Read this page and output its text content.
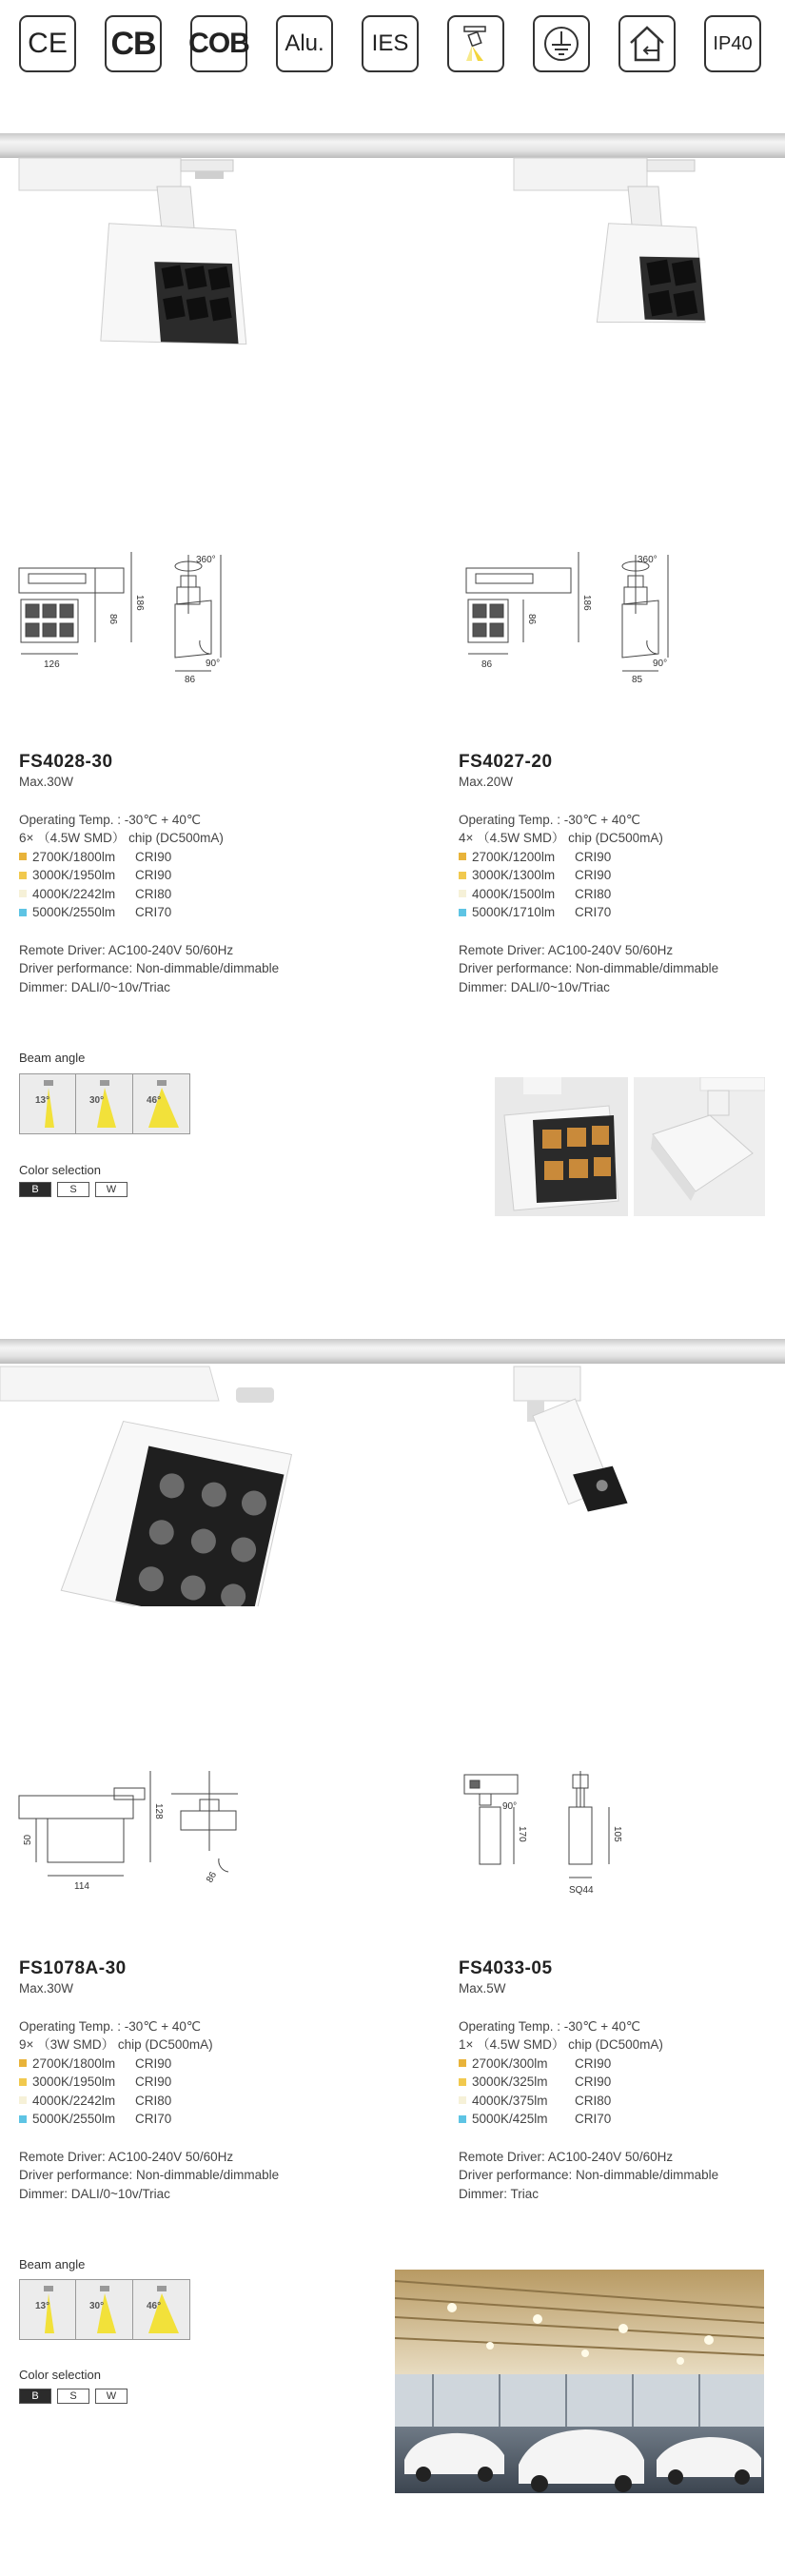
CE CB COB Alu. IES	IP40
360°
126
86
186
90°
86
360°
86
86
186
90°
85
FS4028-30
Max.30W
Operating Temp. : -30℃ + 40℃
6× （4.5W SMD） chip (DC500mA)
2700K/1800lm	CRI90
3000K/1950lm	CRI90
4000K/2242lm	CRI80
5000K/2550lm	CRI70
Remote Driver: AC100-240V 50/60Hz
Driver performance: Non-dimmable/dimmable
Dimmer: DALI/0~10v/Triac
FS4027-20
Max.20W
Operating Temp. : -30℃ + 40℃
4× （4.5W SMD） chip (DC500mA)
2700K/1200lm	CRI90
3000K/1300lm	CRI90
4000K/1500lm	CRI80
5000K/1710lm	CRI70
Remote Driver: AC100-240V 50/60Hz
Driver performance: Non-dimmable/dimmable
Dimmer: DALI/0~10v/Triac
Beam angle
13°	30°	46°
Color selection
B	S	W
50
128
114
86
90°
170	105
SQ44
FS1078A-30
Max.30W
Operating Temp. : -30℃ + 40℃
9× （3W SMD） chip (DC500mA)
2700K/1800lm	CRI90
3000K/1950lm	CRI90
4000K/2242lm	CRI80
5000K/2550lm	CRI70
Remote Driver: AC100-240V 50/60Hz
Driver performance: Non-dimmable/dimmable
Dimmer: DALI/0~10v/Triac
FS4033-05
Max.5W
Operating Temp. : -30℃ + 40℃
1× （4.5W SMD） chip (DC500mA)
2700K/300lm	CRI90
3000K/325lm	CRI90
4000K/375lm	CRI80
5000K/425lm	CRI70
Remote Driver: AC100-240V 50/60Hz
Driver performance: Non-dimmable/dimmable
Dimmer: Triac
Beam angle
13°	30°	46°
Color selection
B	S	W
